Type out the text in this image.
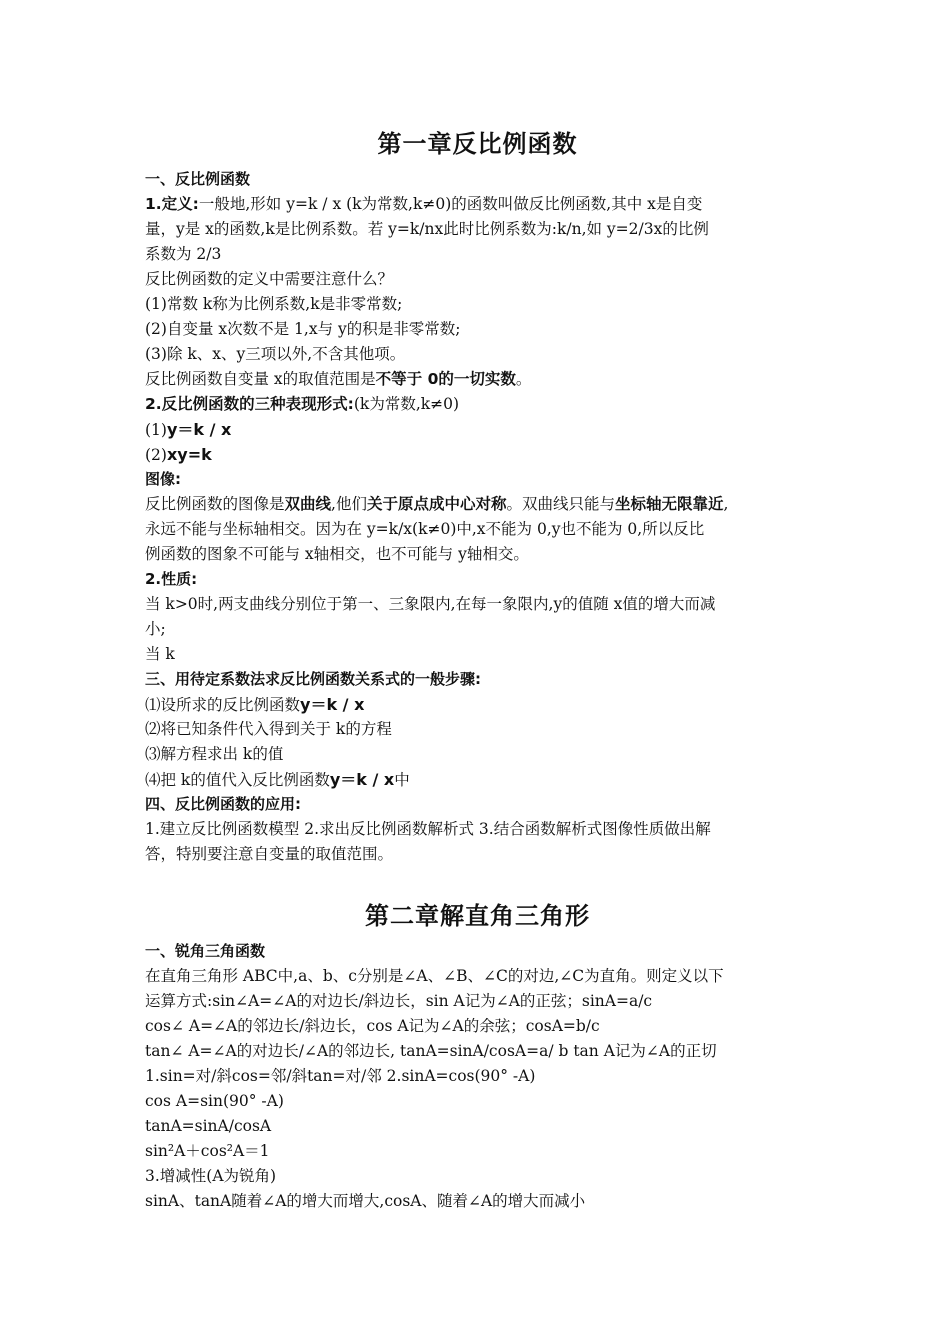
第一章反比例函数
一、反比例函数
1.定义:一般地,形如 y=k / x (k为常数,k≠0)的函数叫做反比例函数,其中 x是自变
量，y是 x的函数,k是比例系数。若 y=k/nx此时比例系数为:k/n,如 y=2/3x的比例
系数为 2/3
反比例函数的定义中需要注意什么？
(1)常数 k称为比例系数,k是非零常数;
(2)自变量 x次数不是 1,x与 y的积是非零常数;
(3)除 k、x、y三项以外,不含其他项。
反比例函数自变量 x的取值范围是不等于 0的一切实数。
2.反比例函数的三种表现形式:(k为常数,k≠0)
(1)y＝k / x
(2)xy=k
图像:
反比例函数的图像是双曲线,他们关于原点成中心对称。双曲线只能与坐标轴无限靠近,
永远不能与坐标轴相交。因为在 y=k/x(k≠0)中,x不能为 0,y也不能为 0,所以反比
例函数的图象不可能与 x轴相交，也不可能与 y轴相交。
2.性质:
当 k>0时,两支曲线分别位于第一、三象限内,在每一象限内,y的值随 x值的增大而减
小;
当 k
三、用待定系数法求反比例函数关系式的一般步骤:
⑴设所求的反比例函数y＝k / x
⑵将已知条件代入得到关于 k的方程
⑶解方程求出 k的值
⑷把 k的值代入反比例函数y＝k / x中
四、反比例函数的应用:
1.建立反比例函数模型 2.求出反比例函数解析式 3.结合函数解析式图像性质做出解
答，特别要注意自变量的取值范围。
第二章解直角三角形
一、锐角三角函数
在直角三角形 ABC中,a、b、c分别是∠A、∠B、∠C的对边,∠C为直角。则定义以下
运算方式:sin∠A=∠A的对边长/斜边长，sin A记为∠A的正弦；sinA=a/c
cos∠ A=∠A的邻边长/斜边长，cos A记为∠A的余弦；cosA=b/c
tan∠ A=∠A的对边长/∠A的邻边长, tanA=sinA/cosA=a/ b tan A记为∠A的正切
1.sin=对/斜cos=邻/斜tan=对/邻 2.sinA=cos(90° -A)
cos A=sin(90° -A)
tanA=sinA/cosA
sin²A＋cos²A＝1
3.增减性(A为锐角)
sinA、tanA随着∠A的增大而增大,cosA、随着∠A的增大而减小
